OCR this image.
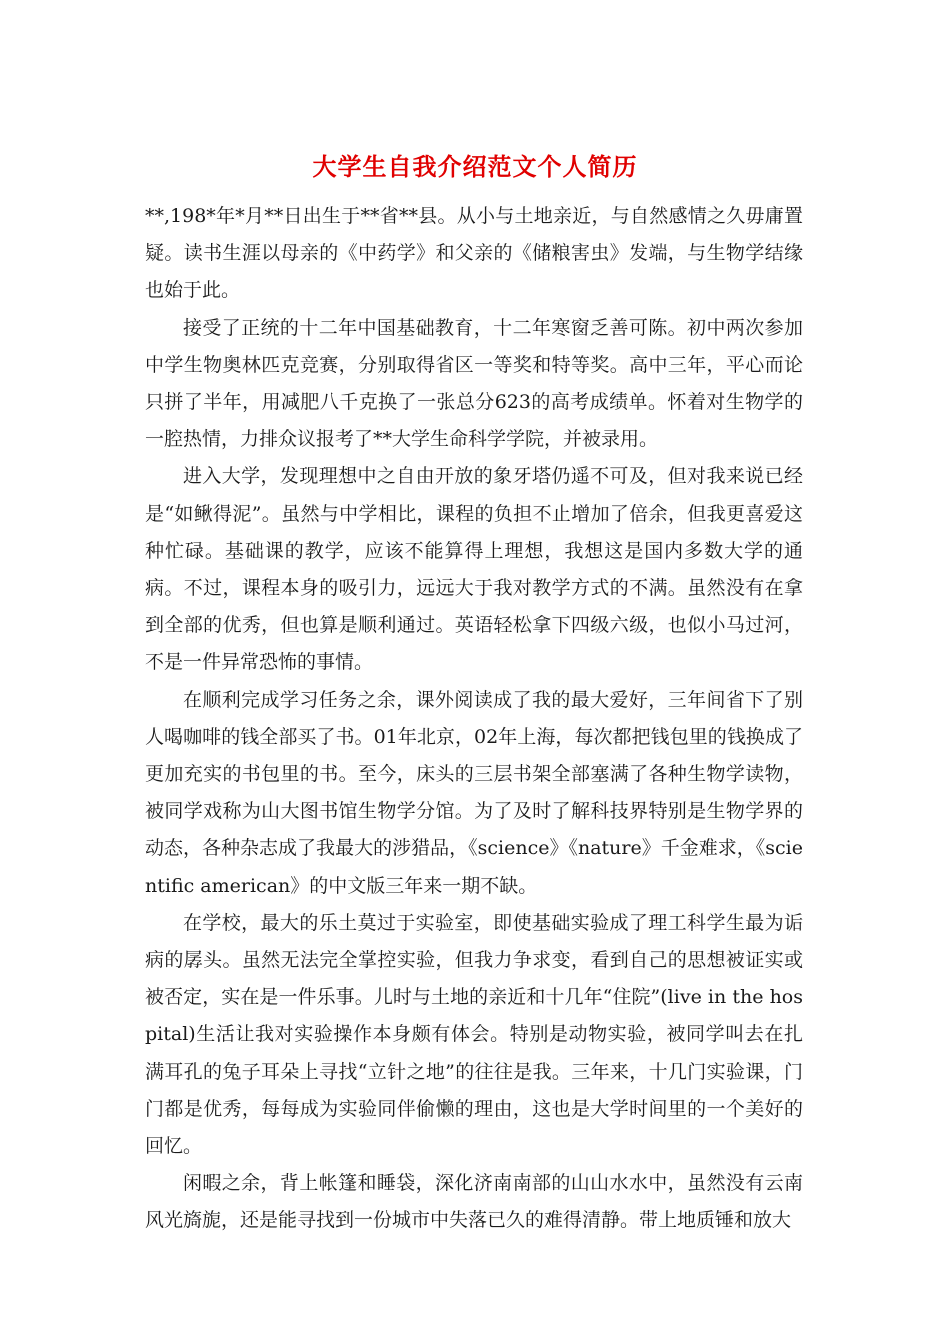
大学生自我介绍范文个人简历

**,198*年*月**日出生于**省**县。从小与土地亲近，与自然感情之久毋庸置疑。读书生涯以母亲的《中药学》和父亲的《储粮害虫》发端，与生物学结缘也始于此。

接受了正统的十二年中国基础教育，十二年寒窗乏善可陈。初中两次参加中学生物奥林匹克竞赛，分别取得省区一等奖和特等奖。高中三年，平心而论只拼了半年，用减肥八千克换了一张总分623的高考成绩单。怀着对生物学的一腔热情，力排众议报考了**大学生命科学学院，并被录用。

进入大学，发现理想中之自由开放的象牙塔仍遥不可及，但对我来说已经是“如鳅得泥”。虽然与中学相比，课程的负担不止增加了倍余，但我更喜爱这种忙碌。基础课的教学，应该不能算得上理想，我想这是国内多数大学的通病。不过，课程本身的吸引力，远远大于我对教学方式的不满。虽然没有在拿到全部的优秀，但也算是顺利通过。英语轻松拿下四级六级，也似小马过河，不是一件异常恐怖的事情。

在顺利完成学习任务之余，课外阅读成了我的最大爱好，三年间省下了别人喝咖啡的钱全部买了书。01年北京，02年上海，每次都把钱包里的钱换成了更加充实的书包里的书。至今，床头的三层书架全部塞满了各种生物学读物，被同学戏称为山大图书馆生物学分馆。为了及时了解科技界特别是生物学界的动态，各种杂志成了我最大的涉猎品，《science》《nature》千金难求，《scientific american》的中文版三年来一期不缺。

在学校，最大的乐土莫过于实验室，即使基础实验成了理工科学生最为诟病的孱头。虽然无法完全掌控实验，但我力争求变，看到自己的思想被证实或被否定，实在是一件乐事。儿时与土地的亲近和十几年“住院”(live in the hospital)生活让我对实验操作本身颇有体会。特别是动物实验，被同学叫去在扎满耳孔的兔子耳朵上寻找“立针之地”的往往是我。三年来，十几门实验课，门门都是优秀，每每成为实验同伴偷懒的理由，这也是大学时间里的一个美好的回忆。

闲暇之余，背上帐篷和睡袋，深化济南南部的山山水水中，虽然没有云南风光旖旎，还是能寻找到一份城市中失落已久的难得清静。带上地质锤和放大
